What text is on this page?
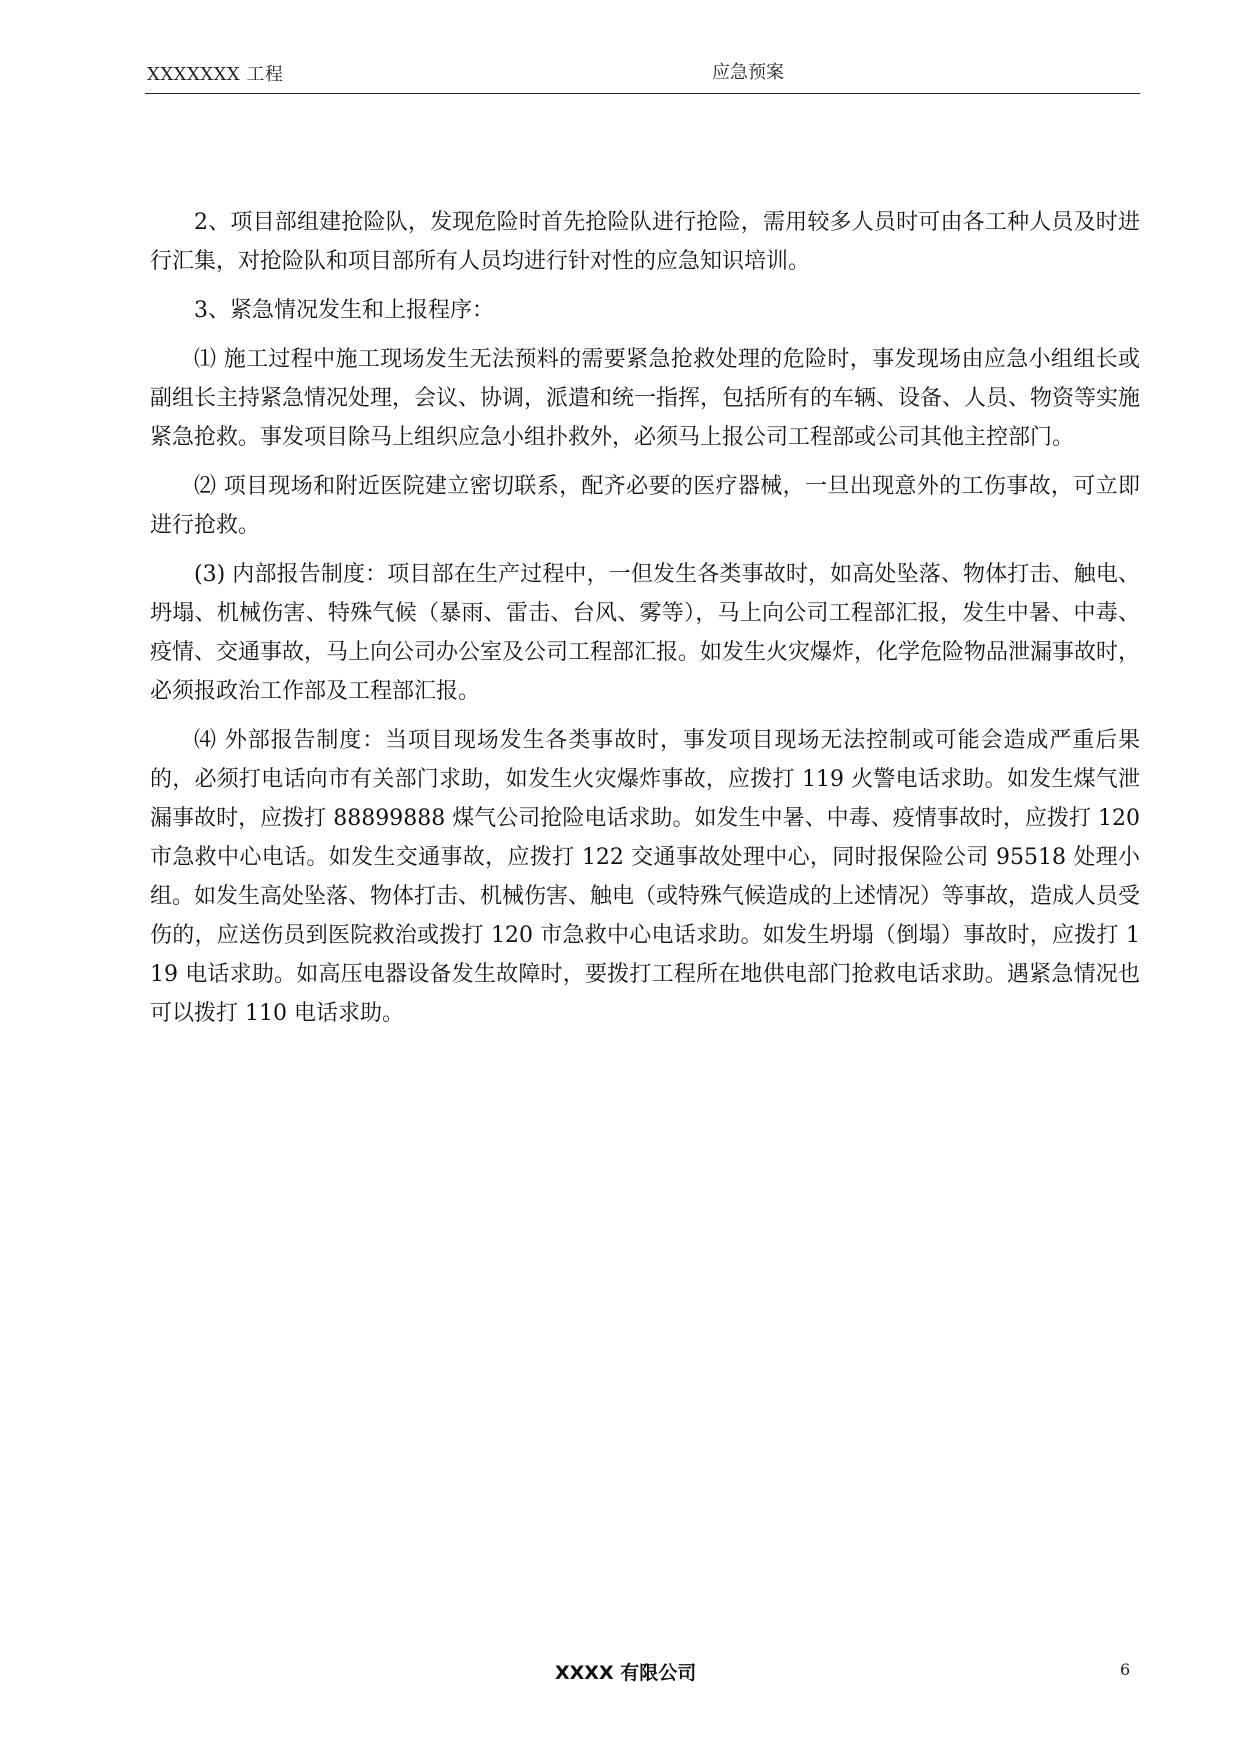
XXXXXXX 工程	应急预案

2、项目部组建抢险队，发现危险时首先抢险队进行抢险，需用较多人员时可由各工种人员及时进行汇集，对抢险队和项目部所有人员均进行针对性的应急知识培训。

3、紧急情况发生和上报程序：

⑴ 施工过程中施工现场发生无法预料的需要紧急抢救处理的危险时，事发现场由应急小组组长或副组长主持紧急情况处理，会议、协调，派遣和统一指挥，包括所有的车辆、设备、人员、物资等实施紧急抢救。事发项目除马上组织应急小组扑救外，必须马上报公司工程部或公司其他主控部门。

⑵ 项目现场和附近医院建立密切联系，配齐必要的医疗器械，一旦出现意外的工伤事故，可立即进行抢救。

(3) 内部报告制度：项目部在生产过程中，一但发生各类事故时，如高处坠落、物体打击、触电、坍塌、机械伤害、特殊气候（暴雨、雷击、台风、雾等），马上向公司工程部汇报，发生中暑、中毒、疫情、交通事故，马上向公司办公室及公司工程部汇报。如发生火灾爆炸，化学危险物品泄漏事故时，必须报政治工作部及工程部汇报。

⑷ 外部报告制度：当项目现场发生各类事故时，事发项目现场无法控制或可能会造成严重后果的，必须打电话向市有关部门求助，如发生火灾爆炸事故，应拨打 119 火警电话求助。如发生煤气泄漏事故时，应拨打 88899888 煤气公司抢险电话求助。如发生中暑、中毒、疫情事故时，应拨打 120 市急救中心电话。如发生交通事故，应拨打 122 交通事故处理中心，同时报保险公司 95518 处理小组。如发生高处坠落、物体打击、机械伤害、触电（或特殊气候造成的上述情况）等事故，造成人员受伤的，应送伤员到医院救治或拨打 120 市急救中心电话求助。如发生坍塌（倒塌）事故时，应拨打 119 电话求助。如高压电器设备发生故障时，要拨打工程所在地供电部门抢救电话求助。遇紧急情况也可以拨打 110 电话求助。

XXXX 有限公司	6
